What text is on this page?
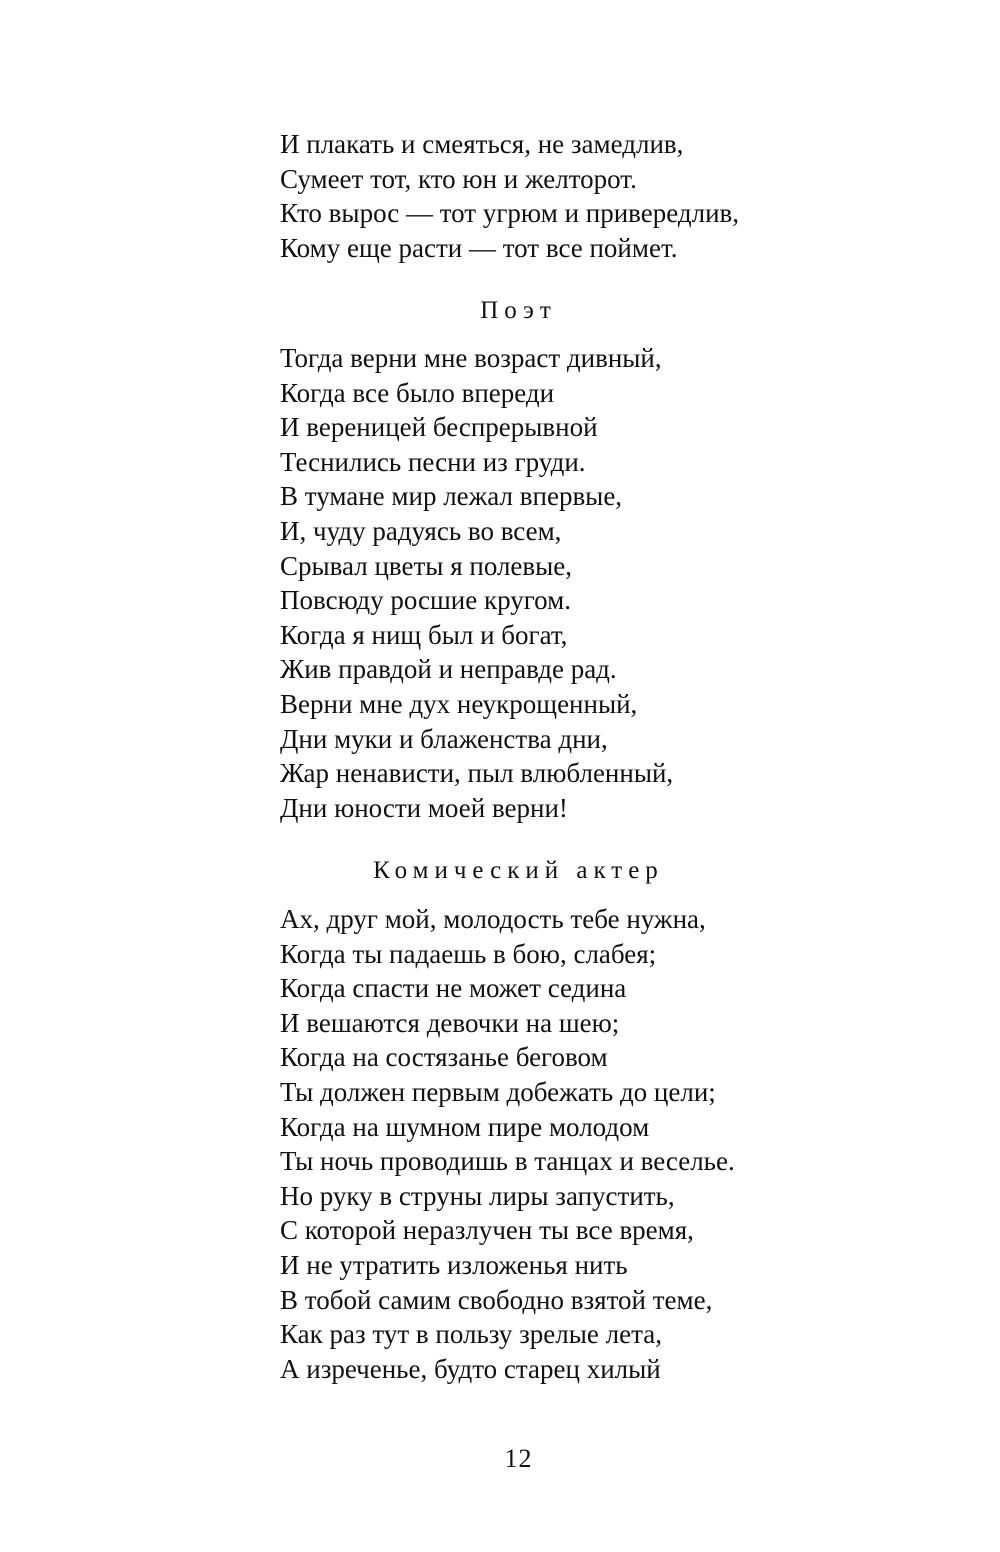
И плакать и смеяться, не замедлив,
Сумеет тот, кто юн и желторот.
Кто вырос — тот угрюм и привередлив,
Кому еще расти — тот все поймет.
Поэт
Тогда верни мне возраст дивный,
Когда все было впереди
И вереницей беспрерывной
Теснились песни из груди.
В тумане мир лежал впервые,
И, чуду радуясь во всем,
Срывал цветы я полевые,
Повсюду росшие кругом.
Когда я нищ был и богат,
Жив правдой и неправде рад.
Верни мне дух неукрощенный,
Дни муки и блаженства дни,
Жар ненависти, пыл влюбленный,
Дни юности моей верни!
Комический актер
Ах, друг мой, молодость тебе нужна,
Когда ты падаешь в бою, слабея;
Когда спасти не может седина
И вешаются девочки на шею;
Когда на состязанье беговом
Ты должен первым добежать до цели;
Когда на шумном пире молодом
Ты ночь проводишь в танцах и веселье.
Но руку в струны лиры запустить,
С которой неразлучен ты все время,
И не утратить изложенья нить
В тобой самим свободно взятой теме,
Как раз тут в пользу зрелые лета,
А изреченье, будто старец хилый
12
